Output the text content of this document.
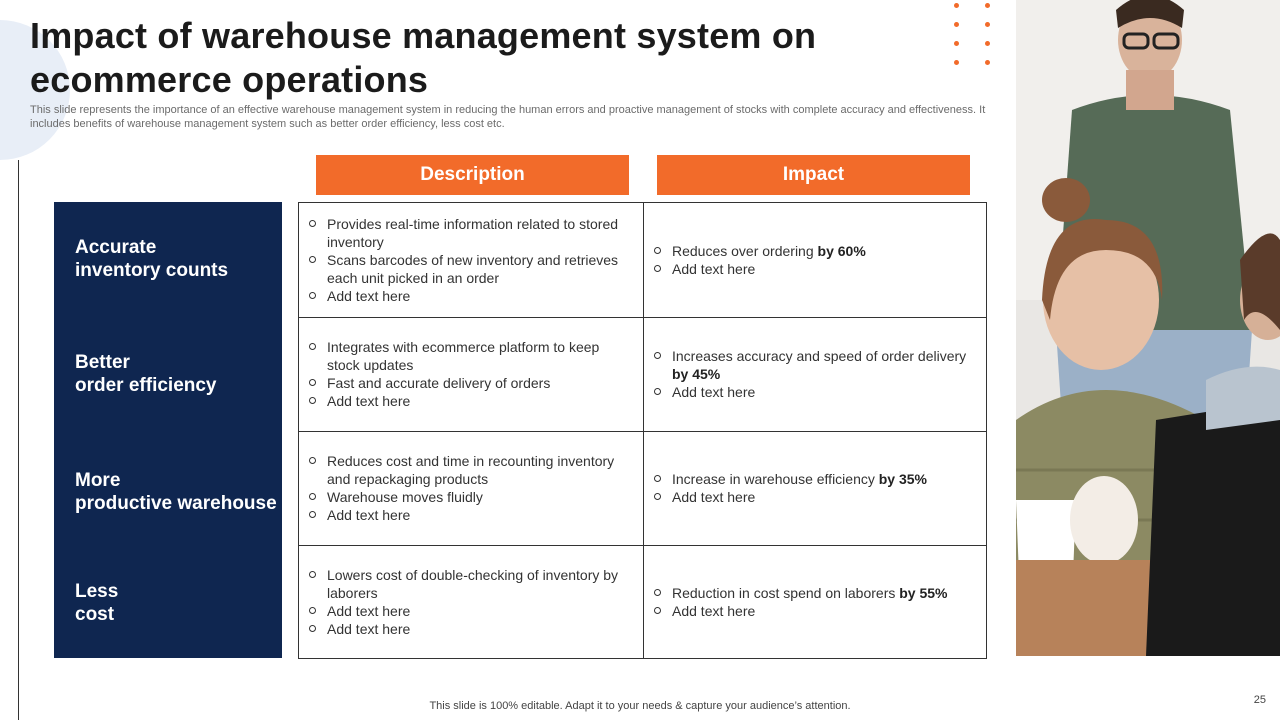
Impact of warehouse management system on ecommerce operations

This slide represents the importance of an effective warehouse management system in reducing the human errors and proactive management of stocks with complete accuracy and effectiveness. It includes benefits of warehouse management system such as better order efficiency, less cost etc.

Description	Impact
Accurate
inventory counts
Better
order efficiency
More
productive warehouse
Less
cost
Provides real-time information related to stored inventory
Scans barcodes of new inventory and retrieves each unit picked in an order
Add text here
Reduces over ordering by 60%
Add text here
Integrates with ecommerce platform to keep stock updates
Fast and accurate delivery of orders
Add text here
Increases accuracy and speed of order delivery by 45%
Add text here
Reduces cost and time in recounting inventory and repackaging products
Warehouse moves fluidly
Add text here
Increase in warehouse efficiency by 35%
Add text here
Lowers cost of double-checking of inventory by laborers
Add text here
Add text here
Reduction in cost spend on laborers by 55%
Add text here
This slide is 100% editable. Adapt it to your needs & capture your audience’s attention.	25
